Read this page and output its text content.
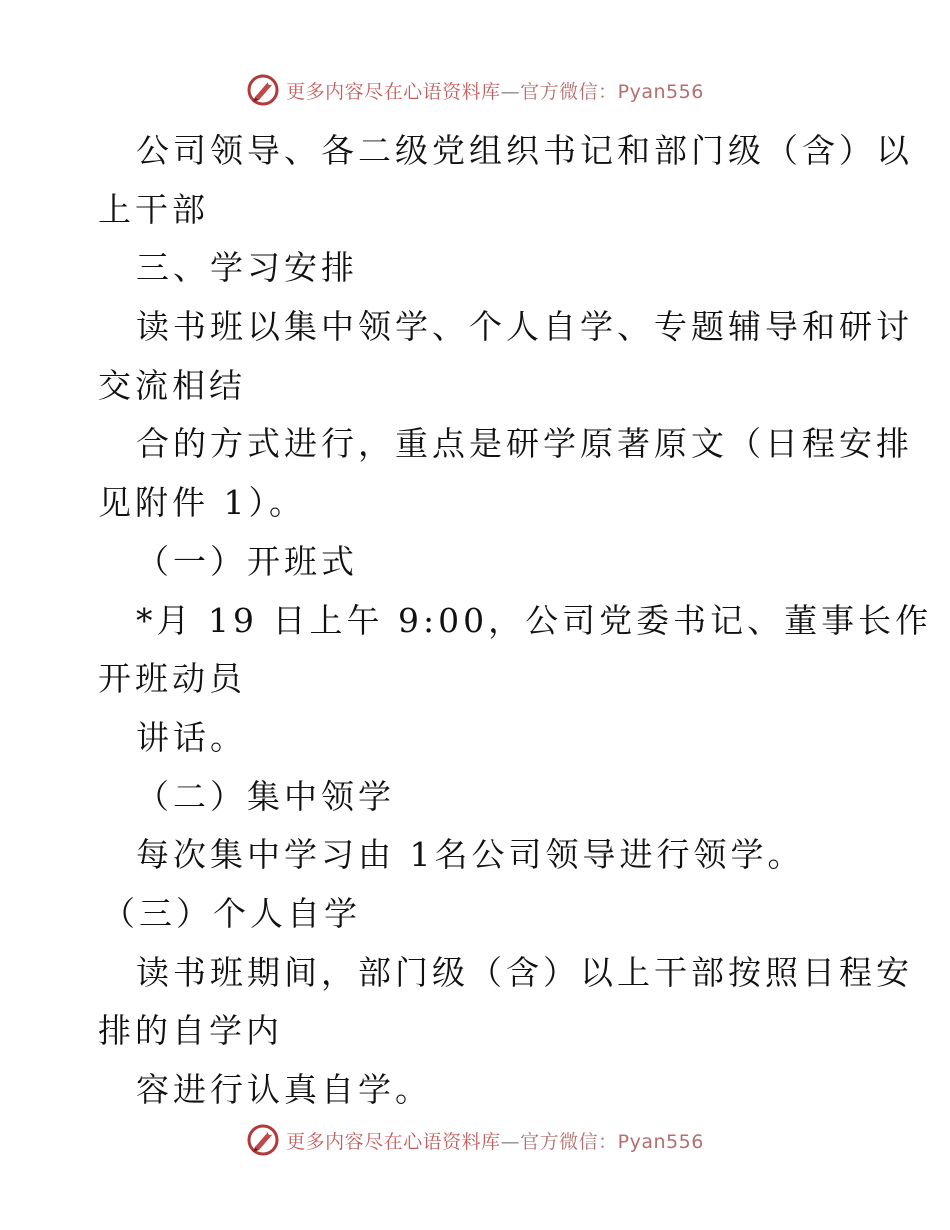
更多内容尽在心语资料库—官方微信：Pyan556
公司领导、各二级党组织书记和部门级（含）以
上干部
三、学习安排
读书班以集中领学、个人自学、专题辅导和研讨
交流相结
合的方式进行，重点是研学原著原文（日程安排
见附件 1）。
（一）开班式
*月 19 日上午 9:00，公司党委书记、董事长作
开班动员
讲话。
（二）集中领学
每次集中学习由 1名公司领导进行领学。
（三）个人自学
读书班期间，部门级（含）以上干部按照日程安
排的自学内
容进行认真自学。
更多内容尽在心语资料库—官方微信：Pyan556
